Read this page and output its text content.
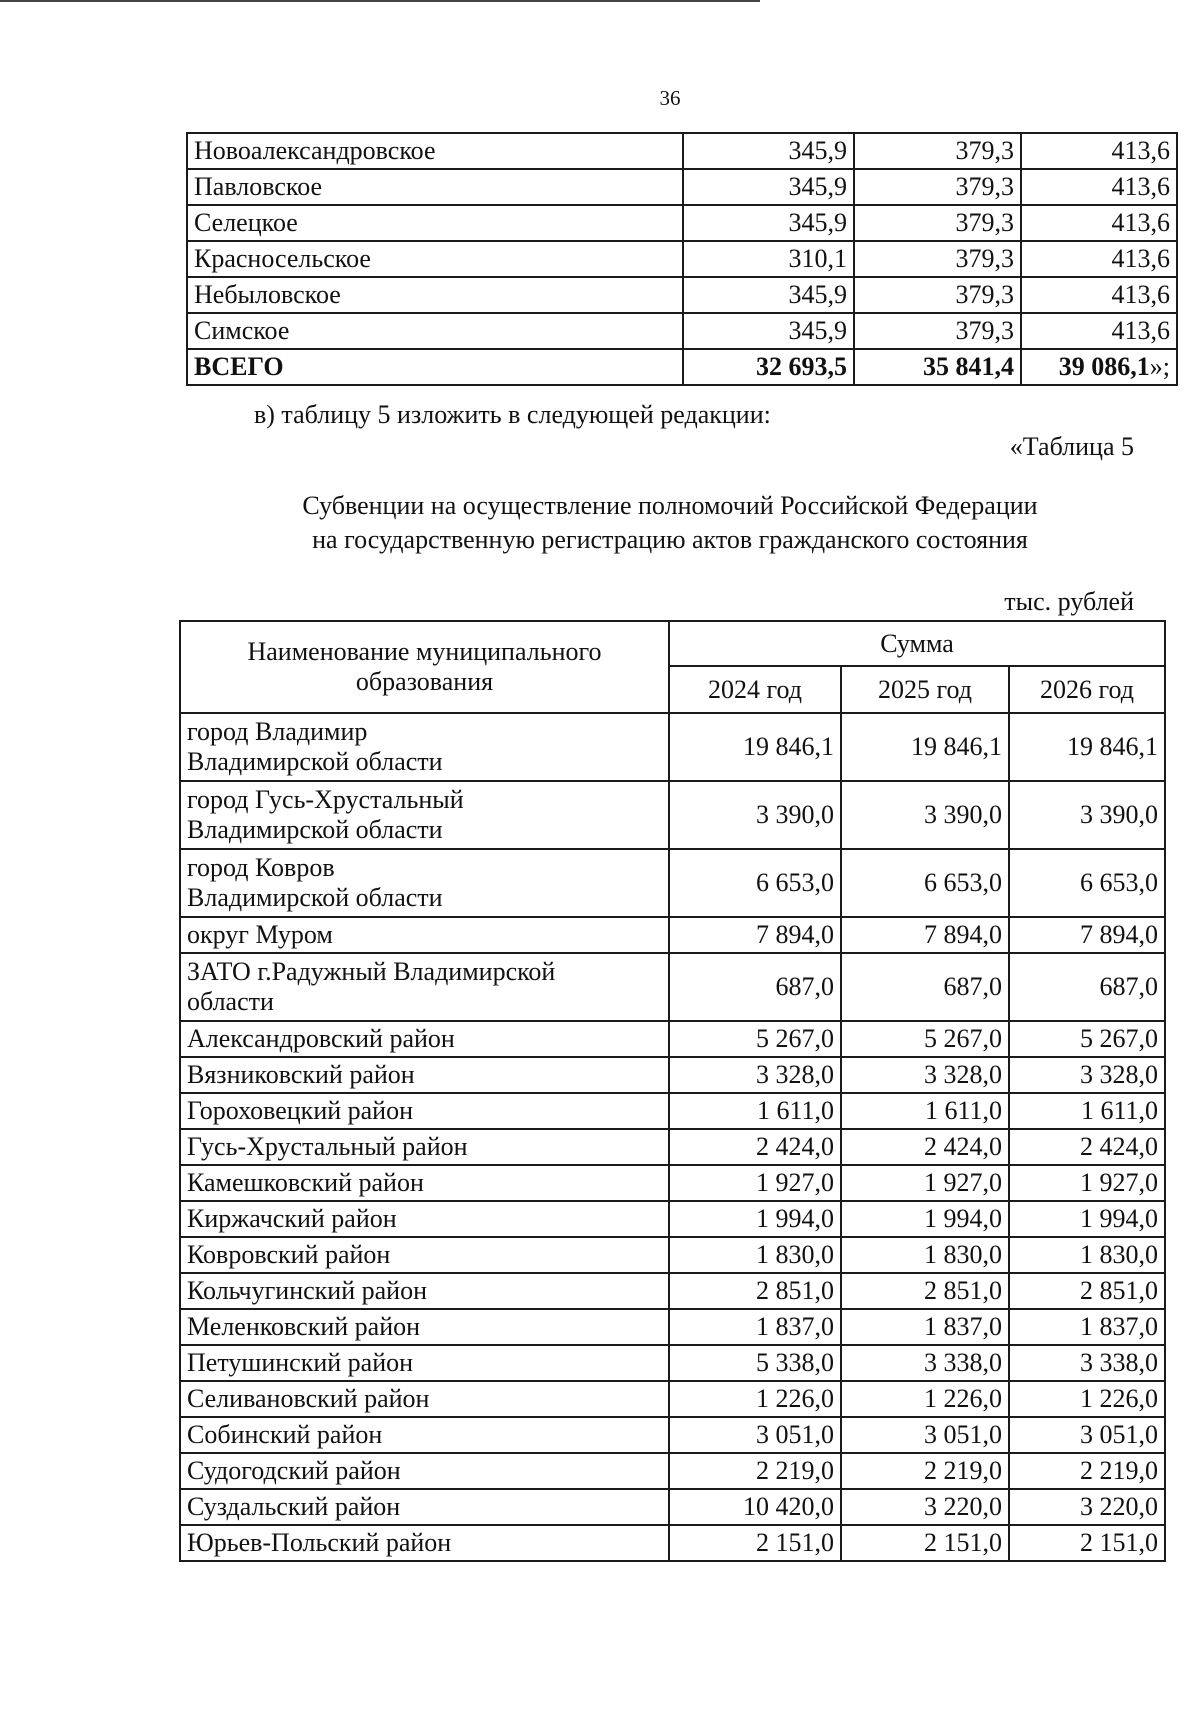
36
Новоалександровское	345,9	379,3	413,6
Павловское	345,9	379,3	413,6
Селецкое	345,9	379,3	413,6
Красносельское	310,1	379,3	413,6
Небыловское	345,9	379,3	413,6
Симское	345,9	379,3	413,6
ВСЕГО	32 693,5	35 841,4	39 086,1»;
в) таблицу 5 изложить в следующей редакции:
«Таблица 5
Субвенции на осуществление полномочий Российской Федерации
на государственную регистрацию актов гражданского состояния
тыс. рублей
Наименование муниципального
образования	Сумма		
	2024 год	2025 год	2026 год

город Владимир
Владимирской области	19 846,1	19 846,1	19 846,1

город Гусь-Хрустальный
Владимирской области	3 390,0	3 390,0	3 390,0

город Ковров
Владимирской области	6 653,0	6 653,0	6 653,0
округ Муром	7 894,0	7 894,0	7 894,0

ЗАТО г.Радужный Владимирской
области	687,0	687,0	687,0
Александровский район	5 267,0	5 267,0	5 267,0
Вязниковский район	3 328,0	3 328,0	3 328,0
Гороховецкий район	1 611,0	1 611,0	1 611,0
Гусь-Хрустальный район	2 424,0	2 424,0	2 424,0
Камешковский район	1 927,0	1 927,0	1 927,0
Киржачский район	1 994,0	1 994,0	1 994,0
Ковровский район	1 830,0	1 830,0	1 830,0
Кольчугинский район	2 851,0	2 851,0	2 851,0
Меленковский район	1 837,0	1 837,0	1 837,0
Петушинский район	5 338,0	3 338,0	3 338,0
Селивановский район	1 226,0	1 226,0	1 226,0
Собинский район	3 051,0	3 051,0	3 051,0
Судогодский район	2 219,0	2 219,0	2 219,0
Суздальский район	10 420,0	3 220,0	3 220,0
Юрьев-Польский район	2 151,0	2 151,0	2 151,0
